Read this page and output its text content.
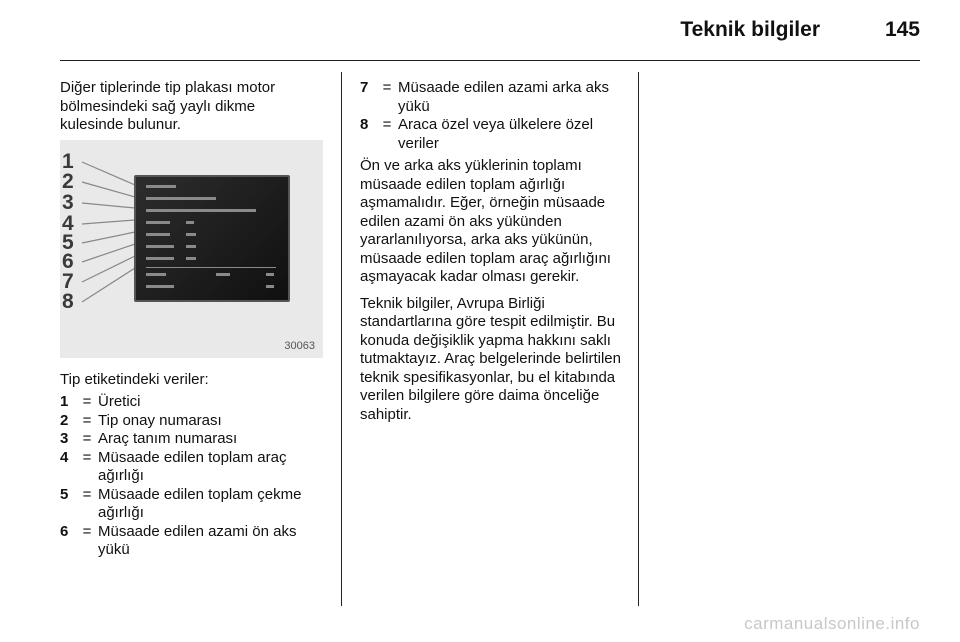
Teknik bilgiler	145
Diğer tiplerinde tip plakası motor bölmesindeki sağ yaylı dikme kulesinde bulunur.
1
2
3
4
5
6
7
8
30063
Tip etiketindeki veriler:
1 = Üretici
2 = Tip onay numarası
3 = Araç tanım numarası
4 = Müsaade edilen toplam araç ağırlığı
5 = Müsaade edilen toplam çekme ağırlığı
6 = Müsaade edilen azami ön aks yükü
7 = Müsaade edilen azami arka aks yükü
8 = Araca özel veya ülkelere özel veriler

Ön ve arka aks yüklerinin toplamı müsaade edilen toplam ağırlığı aşmamalıdır. Eğer, örneğin müsaade edilen azami ön aks yükünden yararlanılıyorsa, arka aks yükünün, müsaade edilen toplam araç ağırlığını aşmayacak kadar olması gerekir.

Teknik bilgiler, Avrupa Birliği standartlarına göre tespit edilmiştir. Bu konuda değişiklik yapma hakkını saklı tutmaktayız. Araç belgelerinde belirtilen teknik spesifikasyonlar, bu el kitabında verilen bilgilere göre daima önceliğe sahiptir.

carmanualsonline.info
